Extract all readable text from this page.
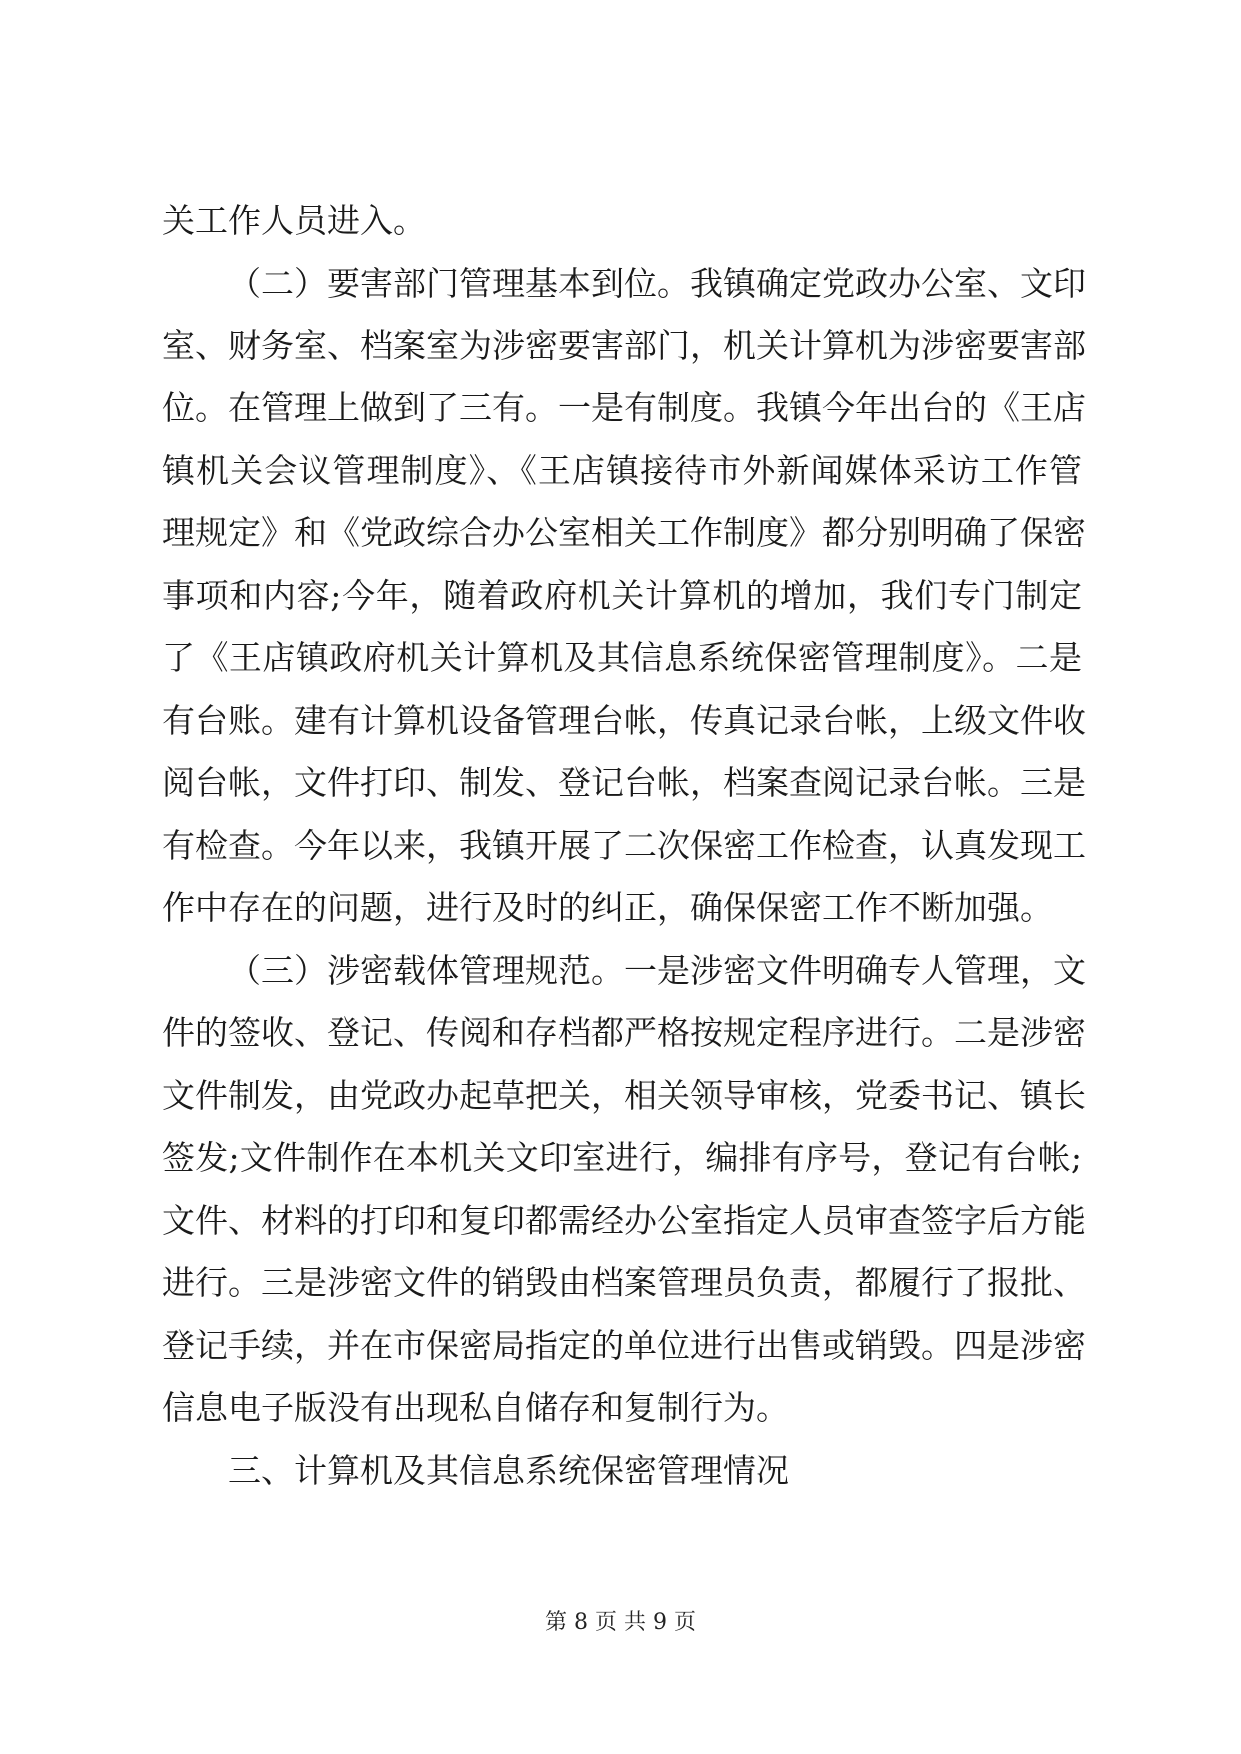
关工作人员进入。
（二）要害部门管理基本到位。我镇确定党政办公室、文印
室、财务室、档案室为涉密要害部门，机关计算机为涉密要害部
位。在管理上做到了三有。一是有制度。我镇今年出台的《王店
镇机关会议管理制度》、《王店镇接待市外新闻媒体采访工作管
理规定》和《党政综合办公室相关工作制度》都分别明确了保密
事项和内容;今年，随着政府机关计算机的增加，我们专门制定
了《王店镇政府机关计算机及其信息系统保密管理制度》。二是
有台账。建有计算机设备管理台帐，传真记录台帐，上级文件收
阅台帐，文件打印、制发、登记台帐，档案查阅记录台帐。三是
有检查。今年以来，我镇开展了二次保密工作检查，认真发现工
作中存在的问题，进行及时的纠正，确保保密工作不断加强。
（三）涉密载体管理规范。一是涉密文件明确专人管理，文
件的签收、登记、传阅和存档都严格按规定程序进行。二是涉密
文件制发，由党政办起草把关，相关领导审核，党委书记、镇长
签发;文件制作在本机关文印室进行，编排有序号，登记有台帐;
文件、材料的打印和复印都需经办公室指定人员审查签字后方能
进行。三是涉密文件的销毁由档案管理员负责，都履行了报批、
登记手续，并在市保密局指定的单位进行出售或销毁。四是涉密
信息电子版没有出现私自储存和复制行为。
三、计算机及其信息系统保密管理情况
第 8 页 共 9 页
